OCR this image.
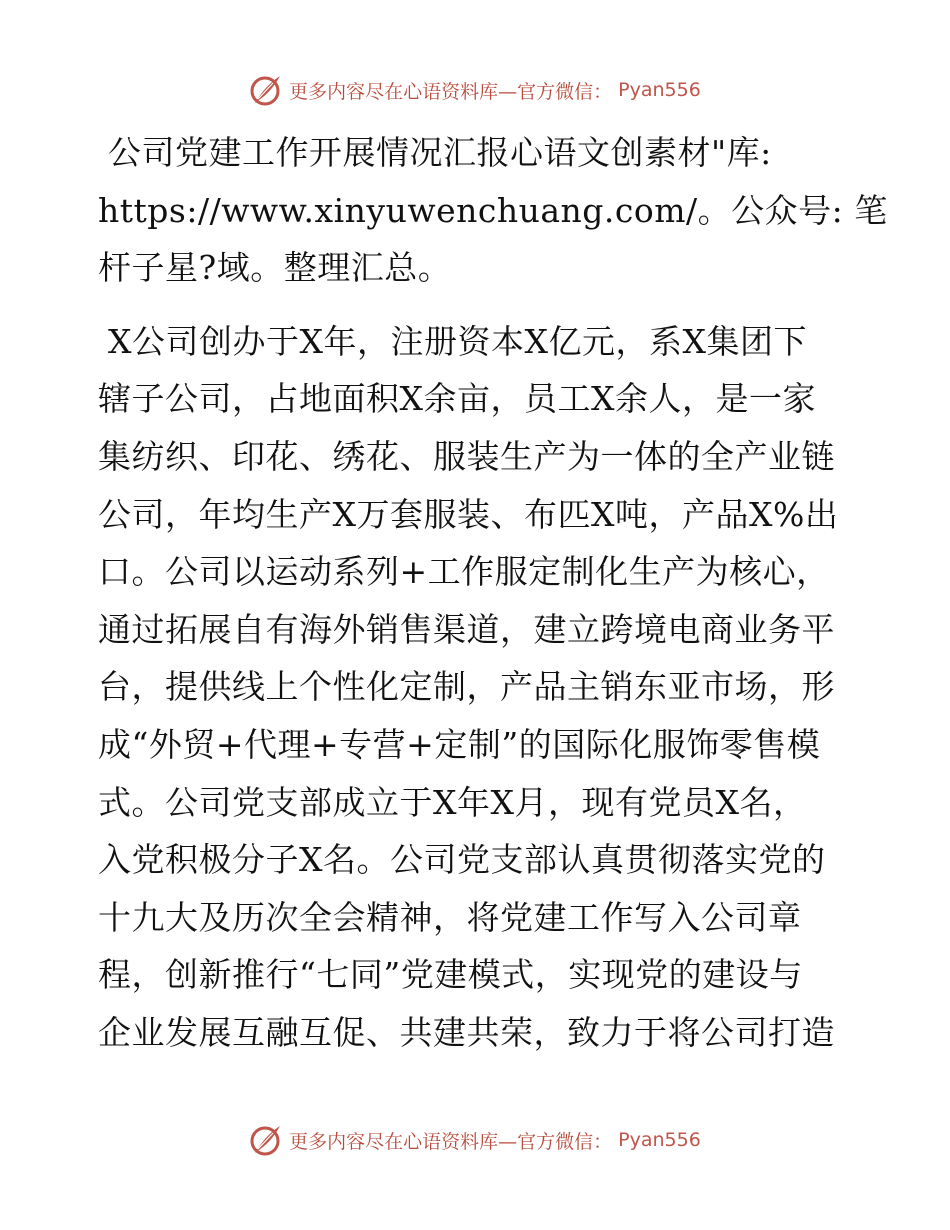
更多内容尽在心语资料库—官方微信： Pyan556

公司党建工作开展情况汇报心语文创素材"库:
https://www.xinyuwenchuang.com/。公众号: 笔
杆子星?域。整理汇总。

X公司创办于X年，注册资本X亿元，系X集团下
辖子公司，占地面积X余亩，员工X余人，是一家
集纺织、印花、绣花、服装生产为一体的全产业链
公司，年均生产X万套服装、布匹X吨，产品X%出
口。公司以运动系列+工作服定制化生产为核心，
通过拓展自有海外销售渠道，建立跨境电商业务平
台，提供线上个性化定制，产品主销东亚市场，形
成“外贸+代理+专营+定制”的国际化服饰零售模
式。公司党支部成立于X年X月，现有党员X名，
入党积极分子X名。公司党支部认真贯彻落实党的
十九大及历次全会精神，将党建工作写入公司章
程，创新推行“七同”党建模式，实现党的建设与
企业发展互融互促、共建共荣，致力于将公司打造

更多内容尽在心语资料库—官方微信： Pyan556
